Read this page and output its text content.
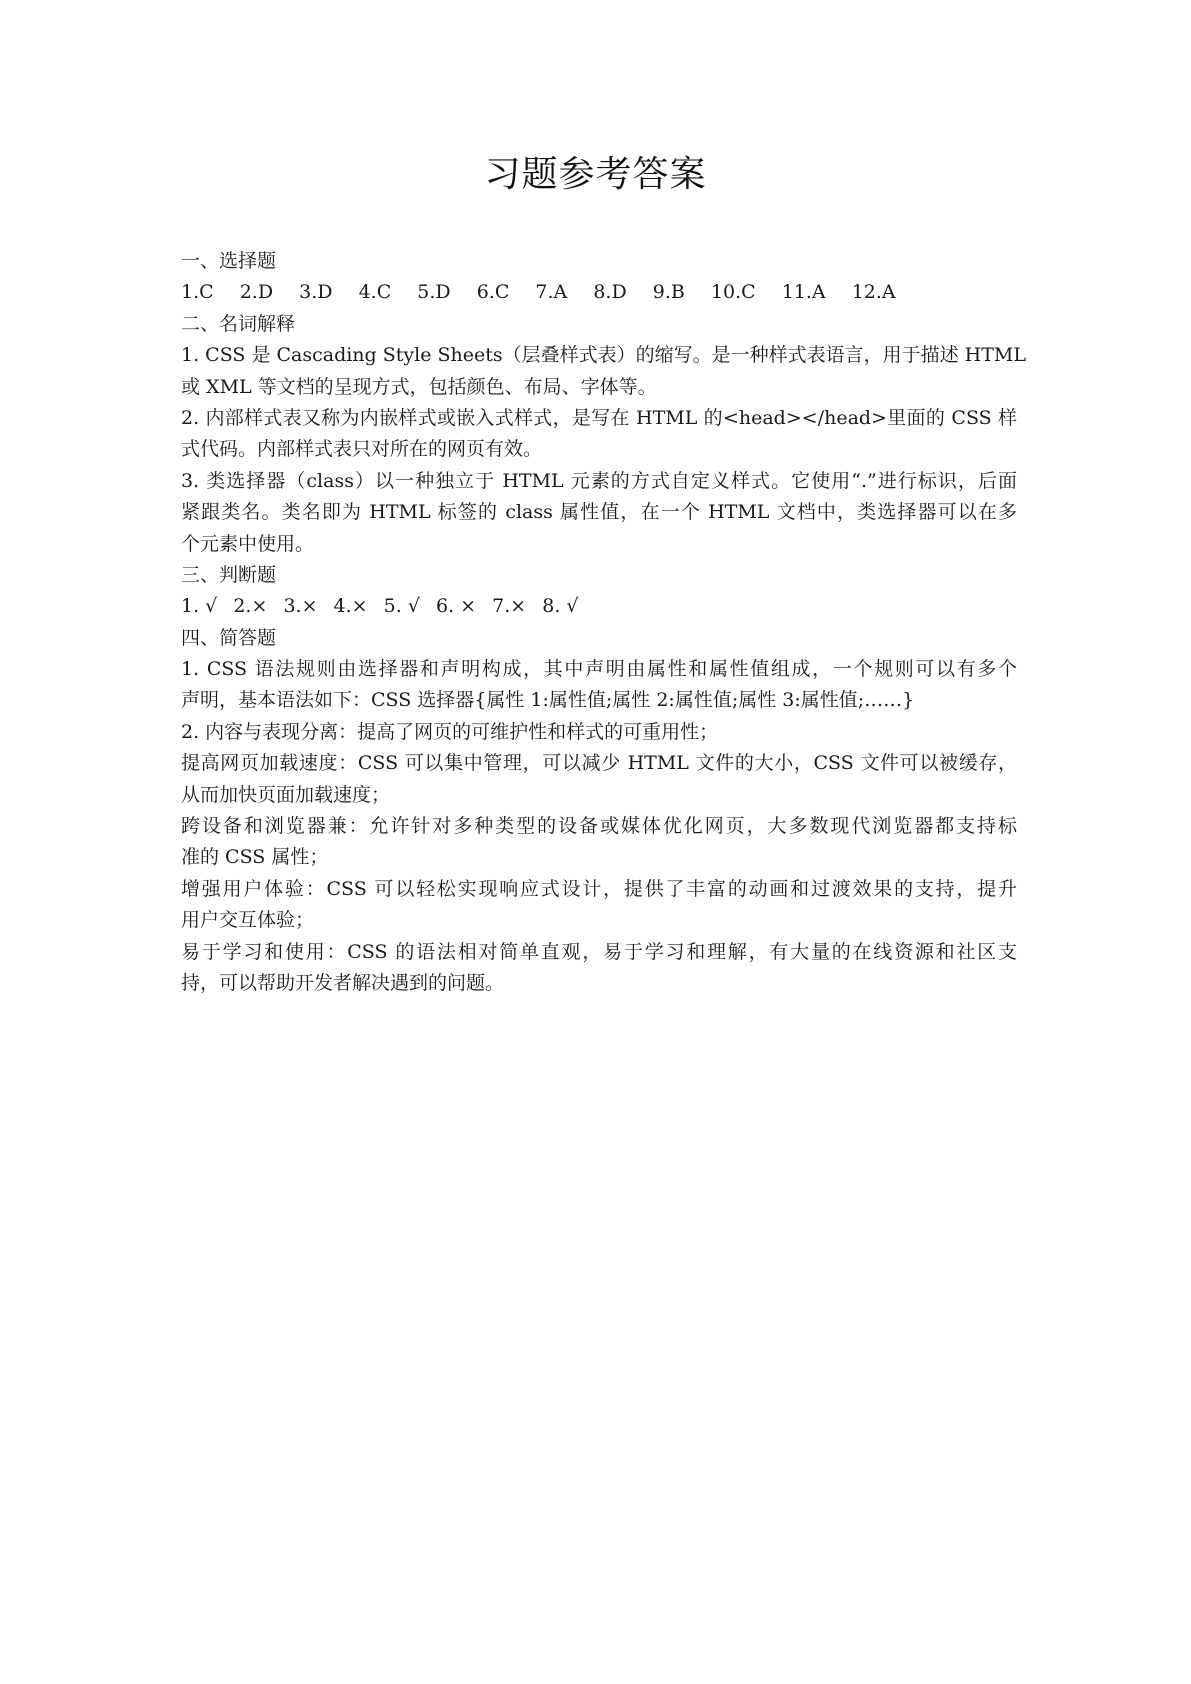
习题参考答案
一、选择题
1.C 2.D 3.D 4.C 5.D 6.C 7.A 8.D 9.B 10.C 11.A 12.A
二、名词解释
1. CSS 是 Cascading Style Sheets（层叠样式表）的缩写。是一种样式表语言，用于描述 HTML
或 XML 等文档的呈现方式，包括颜色、布局、字体等。
2. 内部样式表又称为内嵌样式或嵌入式样式，是写在 HTML 的<head></head>里面的 CSS 样
式代码。内部样式表只对所在的网页有效。
3. 类选择器（class）以一种独立于 HTML 元素的方式自定义样式。它使用“.”进行标识，后面
紧跟类名。类名即为 HTML 标签的 class 属性值，在一个 HTML 文档中，类选择器可以在多
个元素中使用。
三、判断题
1. √ 2.× 3.× 4.× 5. √ 6. × 7.× 8. √
四、简答题
1. CSS 语法规则由选择器和声明构成，其中声明由属性和属性值组成，一个规则可以有多个
声明，基本语法如下：CSS 选择器{属性 1:属性值;属性 2:属性值;属性 3:属性值;……}
2. 内容与表现分离：提高了网页的可维护性和样式的可重用性；
提高网页加载速度：CSS 可以集中管理，可以减少 HTML 文件的大小，CSS 文件可以被缓存，
从而加快页面加载速度；
跨设备和浏览器兼：允许针对多种类型的设备或媒体优化网页，大多数现代浏览器都支持标
准的 CSS 属性；
增强用户体验：CSS 可以轻松实现响应式设计，提供了丰富的动画和过渡效果的支持，提升
用户交互体验；
易于学习和使用：CSS 的语法相对简单直观，易于学习和理解，有大量的在线资源和社区支
持，可以帮助开发者解决遇到的问题。
